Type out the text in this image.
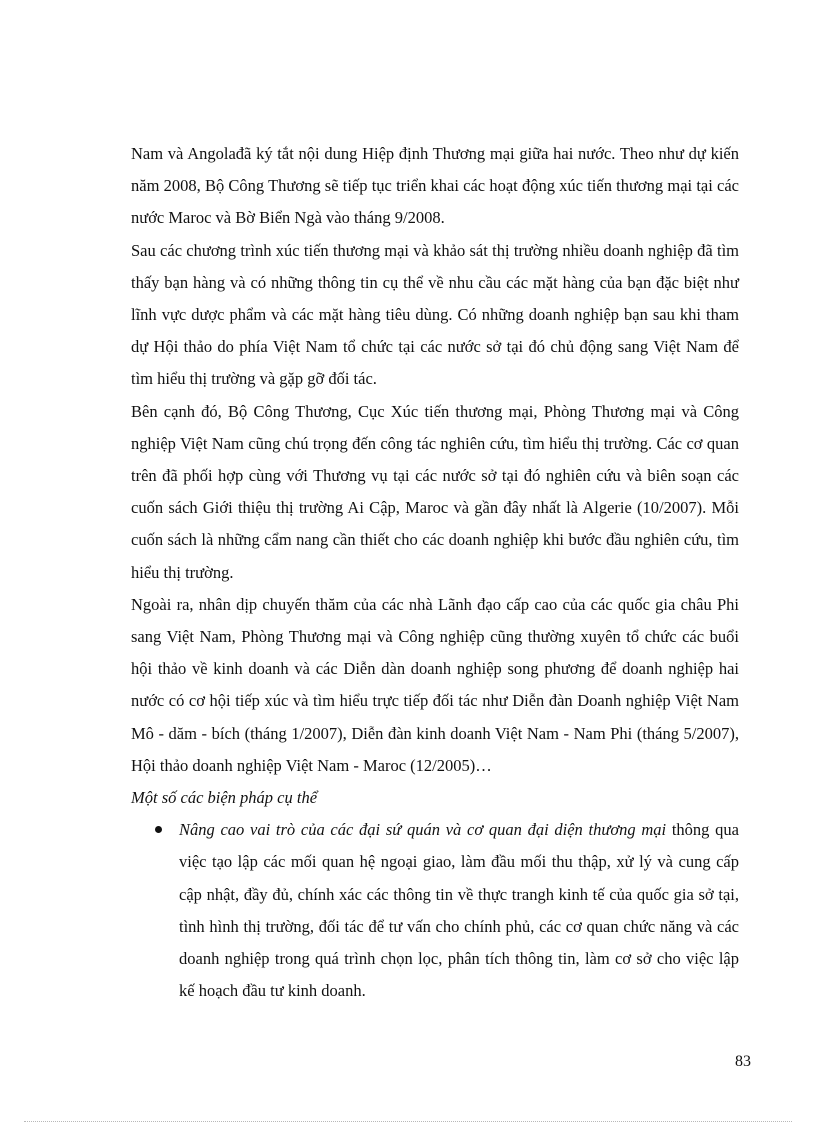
Nam và Angolađã ký tắt nội dung Hiệp định Thương mại giữa hai nước. Theo như dự kiến năm 2008, Bộ Công Thương sẽ tiếp tục triển khai các hoạt động xúc tiến thương mại tại các nước Maroc và Bờ Biển Ngà vào tháng 9/2008.

Sau các chương trình xúc tiến thương mại và khảo sát thị trường nhiều doanh nghiệp đã tìm thấy bạn hàng và có những thông tin cụ thể về nhu cầu các mặt hàng của bạn đặc biệt như lĩnh vực dược phẩm và các mặt hàng tiêu dùng. Có những doanh nghiệp bạn sau khi tham dự Hội thảo do phía Việt Nam tổ chức tại các nước sở tại đó chủ động sang Việt Nam để tìm hiểu thị trường và gặp gỡ đối tác.

Bên cạnh đó, Bộ Công Thương, Cục Xúc tiến thương mại, Phòng Thương mại và Công nghiệp Việt Nam cũng chú trọng đến công tác nghiên cứu, tìm hiểu thị trường. Các cơ quan trên đã phối hợp cùng với Thương vụ tại các nước sở tại đó nghiên cứu và biên soạn các cuốn sách Giới thiệu thị trường Ai Cập, Maroc và gần đây nhất là Algerie (10/2007). Mỗi cuốn sách là những cẩm nang cần thiết cho các doanh nghiệp khi bước đầu nghiên cứu, tìm hiểu thị trường.

Ngoài ra, nhân dịp chuyến thăm của các nhà Lãnh đạo cấp cao của các quốc gia châu Phi sang Việt Nam, Phòng Thương mại và Công nghiệp cũng thường xuyên tổ chức các buổi hội thảo về kinh doanh và các Diễn dàn doanh nghiệp song phương để doanh nghiệp hai nước có cơ hội tiếp xúc và tìm hiểu trực tiếp đối tác như Diễn đàn Doanh nghiệp Việt Nam Mô - dăm - bích (tháng 1/2007), Diễn đàn kinh doanh Việt Nam - Nam Phi (tháng 5/2007), Hội thảo doanh nghiệp Việt Nam - Maroc (12/2005)…

Một số các biện pháp cụ thể

Nâng cao vai trò của các đại sứ quán và cơ quan đại diện thương mại thông qua việc tạo lập các mối quan hệ ngoại giao, làm đầu mối thu thập, xử lý và cung cấp cập nhật, đầy đủ, chính xác các thông tin về thực trangh kinh tế của quốc gia sở tại, tình hình thị trường, đối tác để tư vấn cho chính phủ, các cơ quan chức năng và các doanh nghiệp trong quá trình chọn lọc, phân tích thông tin, làm cơ sở cho việc lập kế hoạch đầu tư kinh doanh.
83
